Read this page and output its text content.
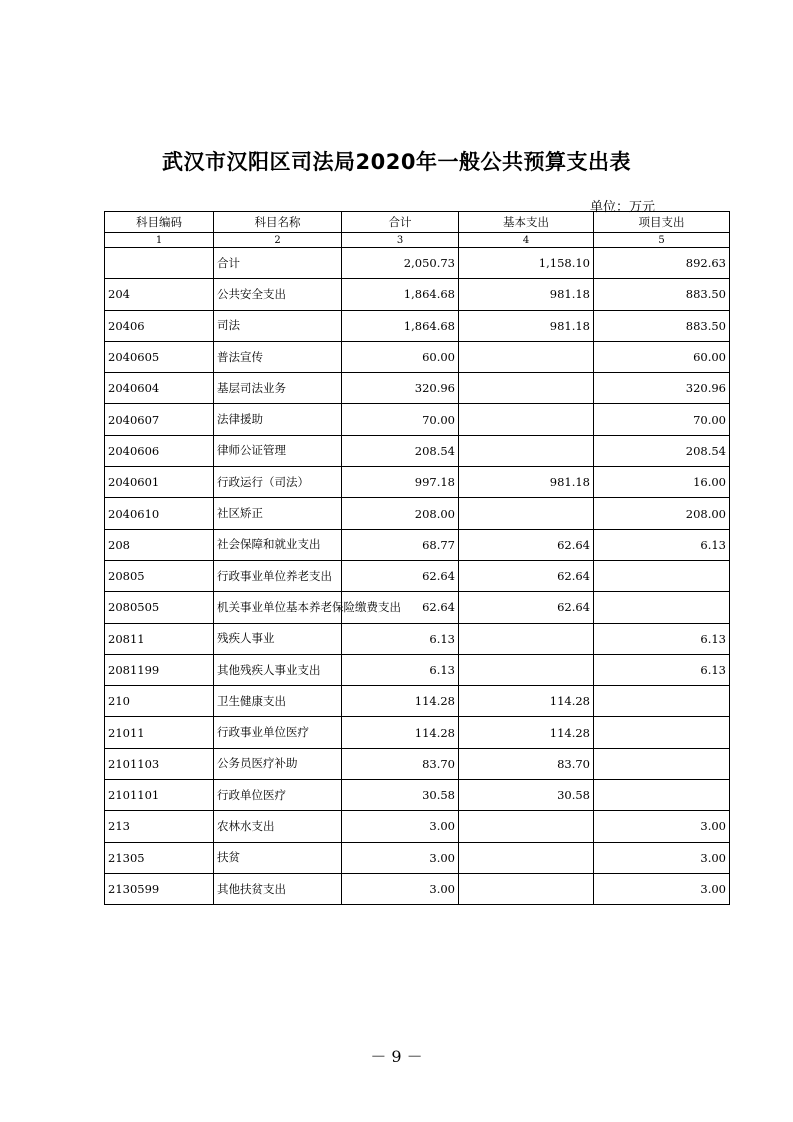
武汉市汉阳区司法局2020年一般公共预算支出表
单位：万元
科目编码	科目名称	合计	基本支出	项目支出
1	2	3	4	5
	合计	2,050.73	1,158.10	892.63
204	公共安全支出	1,864.68	981.18	883.50
20406	司法	1,864.68	981.18	883.50
2040605	普法宣传	60.00		60.00
2040604	基层司法业务	320.96		320.96
2040607	法律援助	70.00		70.00
2040606	律师公证管理	208.54		208.54
2040601	行政运行（司法）	997.18	981.18	16.00
2040610	社区矫正	208.00		208.00
208	社会保障和就业支出	68.77	62.64	6.13
20805	行政事业单位养老支出	62.64	62.64	
2080505	机关事业单位基本养老保险缴费支出	62.64	62.64	
20811	残疾人事业	6.13		6.13
2081199	其他残疾人事业支出	6.13		6.13
210	卫生健康支出	114.28	114.28	
21011	行政事业单位医疗	114.28	114.28	
2101103	公务员医疗补助	83.70	83.70	
2101101	行政单位医疗	30.58	30.58	
213	农林水支出	3.00		3.00
21305	扶贫	3.00		3.00
2130599	其他扶贫支出	3.00		3.00
－ 9 －
